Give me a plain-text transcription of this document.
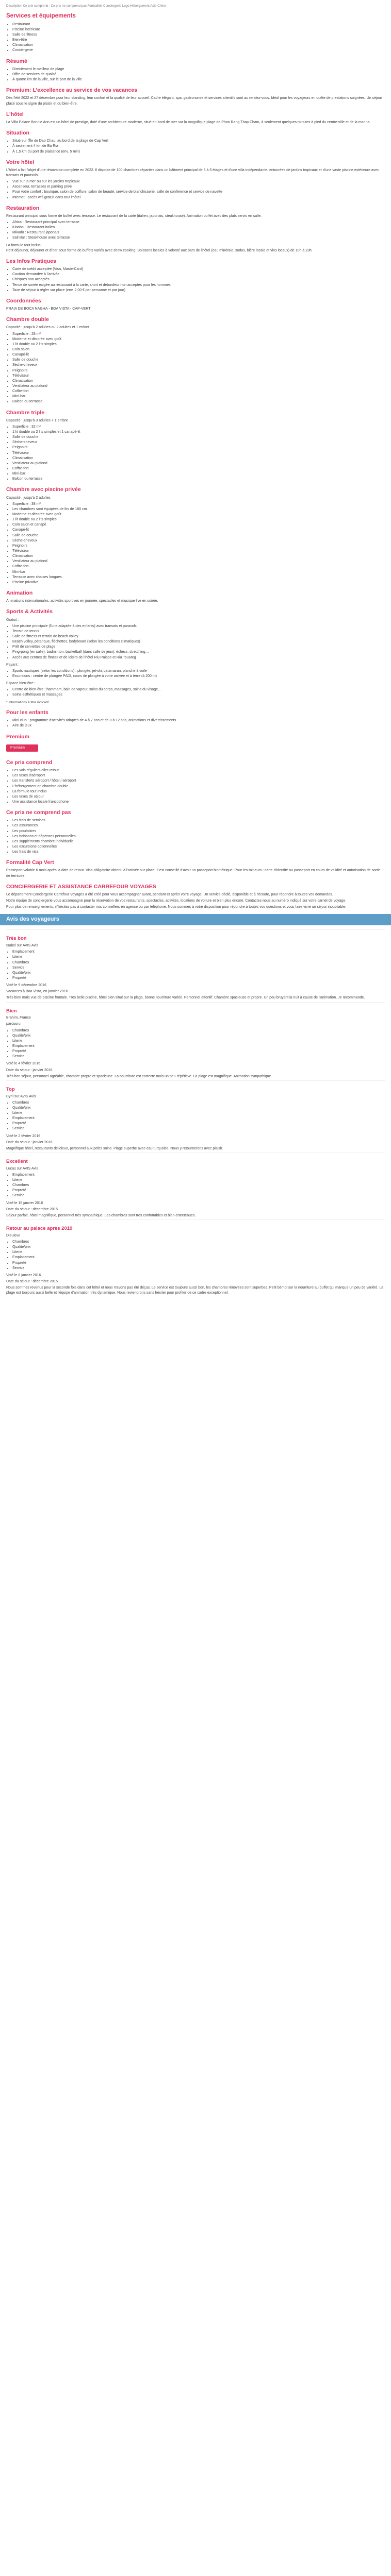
Description Ce prix comprend : Ce prix ne comprend pas Formalités Conciergerie Logo Hébergement Asie-Chine
Services et équipements
• Restaurant
• Piscine intérieure
• Salle de fitness
• Bien-être
• Climatisation
• Conciergerie
Résumé
• Directement le meilleur de plage
• Offre de services de qualité
• À quatre km de la ville, sur le port de la ville
Premium: L’excellence au service de vos vacances

Dès l'été 2022 et 27 décembre pour leur standing, leur confort et la qualité de leur accueil. Cadre élégant, spa, gastronomie et services attentifs sont au rendez-vous. Idéal pour les voyageurs en quête de prestations soignées. Un séjour placé sous le signe du plaisir et du bien-être.

L’hôtel

La Villa Palace Bonnie Ann est un hôtel de prestige, doté d'une architecture moderne, situé en bord de mer sur la magnifique plage de Phan Rang Thap Cham, à seulement quelques minutes à pied du centre-ville et de la marina.

Situation
• Situé sur l’Île de Dao Chau, au bord de la plage de Cap Vert
• À seulement 4 km de Ba Ria
• À 1,5 km du port de plaisance (env. 5 min)
Votre hôtel

L'hôtel a fait l'objet d'une rénovation complète en 2022. Il dispose de 100 chambres réparties dans un bâtiment principal de 3 à 5 étages et d'une villa indépendante, entourées de jardins tropicaux et d'une vaste piscine extérieure avec transats et parasols.

• Vue sur la mer ou sur les jardins tropicaux
• Ascenseur, terrasses et parking privé
• Pour votre confort : boutique, salon de coiffure, salon de beauté, service de blanchisserie, salle de conférence et service de navette
• Internet : accès wifi gratuit dans tout l'hôtel
Restauration

Restaurant principal sous forme de buffet avec terrasse. Le restaurant de la carte (italien, japonais, steakhouse). Animation buffet avec des plats servis en salle.

• Africa : Restaurant principal avec terrasse
• Kinaba : Restaurant italien
• Mikado : Restaurant japonais
• Sail Bar : Steakhouse avec terrasse

La formule tout inclus :
Petit déjeuner, déjeuner et dîner sous forme de buffets variés avec show cooking. Boissons locales à volonté aux bars de l'hôtel (eau minérale, sodas, bière locale et vins locaux) de 10h à 23h.

Les Infos Pratiques
• Carte de crédit acceptée (Visa, MasterCard)
• Caution demandée à l'arrivée
• Chèques non acceptés
• Tenue de soirée exigée au restaurant à la carte, short et débardeur non acceptés pour les hommes
• Taxe de séjour à régler sur place (env. 2,00 € par personne et par jour)
Coordonnées

PRAIA DE BOCA NAGHA - BOA VISTA - CAP-VERT

Chambre double

Capacité : jusqu'à 2 adultes ou 2 adultes et 1 enfant

• Superficie : 28 m²
• Moderne et décorée avec goût
• 1 lit double ou 2 lits simples
• Coin salon
• Canapé-lit
• Salle de douche
• Sèche-cheveux
• Peignoirs
• Téléviseur
• Climatisation
• Ventilateur au plafond
• Coffre-fort
• Mini-bar
• Balcon ou terrasse
Chambre triple

Capacité : jusqu'à 3 adultes + 1 enfant

• Superficie : 32 m²
• 1 lit double ou 2 lits simples et 1 canapé-lit
• Salle de douche
• Sèche-cheveux
• Peignoirs
• Téléviseur
• Climatisation
• Ventilateur au plafond
• Coffre-fort
• Mini-bar
• Balcon ou terrasse
Chambre avec piscine privée

Capacité : jusqu'à 2 adultes

• Superficie : 38 m²
• Les chambres sont équipées de lits de 180 cm
• Moderne et décorée avec goût
• 1 lit double ou 2 lits simples
• Coin salon et canapé
• Canapé-lit
• Salle de douche
• Sèche-cheveux
• Peignoirs
• Téléviseur
• Climatisation
• Ventilateur au plafond
• Coffre-fort
• Mini-bar
• Terrasse avec chaises longues
• Piscine privative
Animation

Animations internationales, activités sportives en journée, spectacles et musique live en soirée.

Sports & Activités

Gratuit :

• Une piscine principale (l'une adaptée à des enfants) avec transats et parasols
• Terrain de tennis
• Salle de fitness et terrain de beach volley
• Beach volley, pétanque, fléchettes, bodyboard (selon les conditions climatiques)
• Prêt de serviettes de plage
• Ping-pong (en salle), badminton, basketball (dans salle de jeux), échecs, stretching…
• Accès aux centres de fitness et de loisirs de l’hôtel Riu Palace et Riu Touareg

Payant :

• Sports nautiques (selon les conditions) : plongée, jet-ski, catamaran, planche à voile
• Excursions : centre de plongée PADI, cours de plongée à votre arrivée et à terre (à 200 m)

Espace bien-être :

• Centre de bien-être : hammam, bain de vapeur, soins du corps, massages, soins du visage…
• Soins esthétiques et massages

* Informations à titre indicatif.

Pour les enfants
• Mini club : programme d'activités adaptés de 4 à 7 ans et de 8 à 12 ans, animations et divertissements
• Aire de jeux
Premium
Premium
Ce prix comprend
• Les vols réguliers aller-retour
• Les taxes d'aéroport
• Les transferts aéroport / hôtel / aéroport
• L'hébergement en chambre double
• La formule tout inclus
• Les taxes de séjour
• Une assistance locale francophone
Ce prix ne comprend pas
• Les frais de services
• Les assurances
• Les pourboires
• Les boissons et dépenses personnelles
• Les suppléments chambre individuelle
• Les excursions optionnelles
• Les frais de visa
Formalité Cap Vert

Passeport valable 6 mois après la date de retour. Visa obligatoire obtenu à l'arrivée sur place. Il est conseillé d'avoir un passeport biométrique. Pour les mineurs : carte d'identité ou passeport en cours de validité et autorisation de sortie de territoire.

CONCIERGERIE ET ASSISTANCE CARREFOUR VOYAGES

Le département Conciergerie Carrefour Voyages a été créé pour vous accompagner avant, pendant et après votre voyage. Un service dédié, disponible et à l'écoute, pour répondre à toutes vos demandes.

Notre équipe de conciergerie vous accompagne pour la réservation de vos restaurants, spectacles, activités, locations de voiture et bien plus encore. Contactez-nous au numéro indiqué sur votre carnet de voyage.

Pour plus de renseignements, n'hésitez pas à contacter nos conseillers en agence ou par téléphone. Nous sommes à votre disposition pour répondre à toutes vos questions et vous faire vivre un séjour inoubliable.

Avis des voyageurs
Très bon

Isabel sur AVIS Avis

• Emplacement
• Literie
• Chambres
• Service
• Qualité/prix
• Propreté

Voté le 9 décembre 2016

Vacances à Boa Vista, en janvier 2016

Très bien mais vue de piscine frontale. Très belle piscine, hôtel bien situé sur la plage, bonne nourriture variée. Personnel attentif. Chambre spacieuse et propre. Un peu bruyant la nuit à cause de l'animation. Je recommande.

Bien

Brahim, France

parcouru

• Chambres
• Qualité/prix
• Literie
• Emplacement
• Propreté
• Service

Voté le 4 février 2016

Date du séjour : janvier 2016

Très bon séjour, personnel agréable, chambre propre et spacieuse. La nourriture est correcte mais un peu répétitive. La plage est magnifique. Animation sympathique.

Top

Cyril sur AVIS Avis

• Chambres
• Qualité/prix
• Literie
• Emplacement
• Propreté
• Service

Voté le 2 février 2016

Date du séjour : janvier 2016

Magnifique hôtel, restaurants délicieux, personnel aux petits soins. Plage superbe avec eau turquoise. Nous y retournerons avec plaisir.

Excellent

Lucas sur AVIS Avis

• Emplacement
• Literie
• Chambres
• Propreté
• Service

Voté le 15 janvier 2016

Date du séjour : décembre 2015

Séjour parfait, hôtel magnifique, personnel très sympathique. Les chambres sont très confortables et bien entretenues.

Retour au palace après 2019

Dieuleve

• Chambres
• Qualité/prix
• Literie
• Emplacement
• Propreté
• Service

Voté le 8 janvier 2016

Date du séjour : décembre 2015

Nous sommes revenus pour la seconde fois dans cet hôtel et nous n'avons pas été déçus. Le service est toujours aussi bon, les chambres rénovées sont superbes. Petit bémol sur la nourriture au buffet qui manque un peu de variété. La plage est toujours aussi belle et l'équipe d'animation très dynamique. Nous reviendrons sans hésiter pour profiter de ce cadre exceptionnel.
